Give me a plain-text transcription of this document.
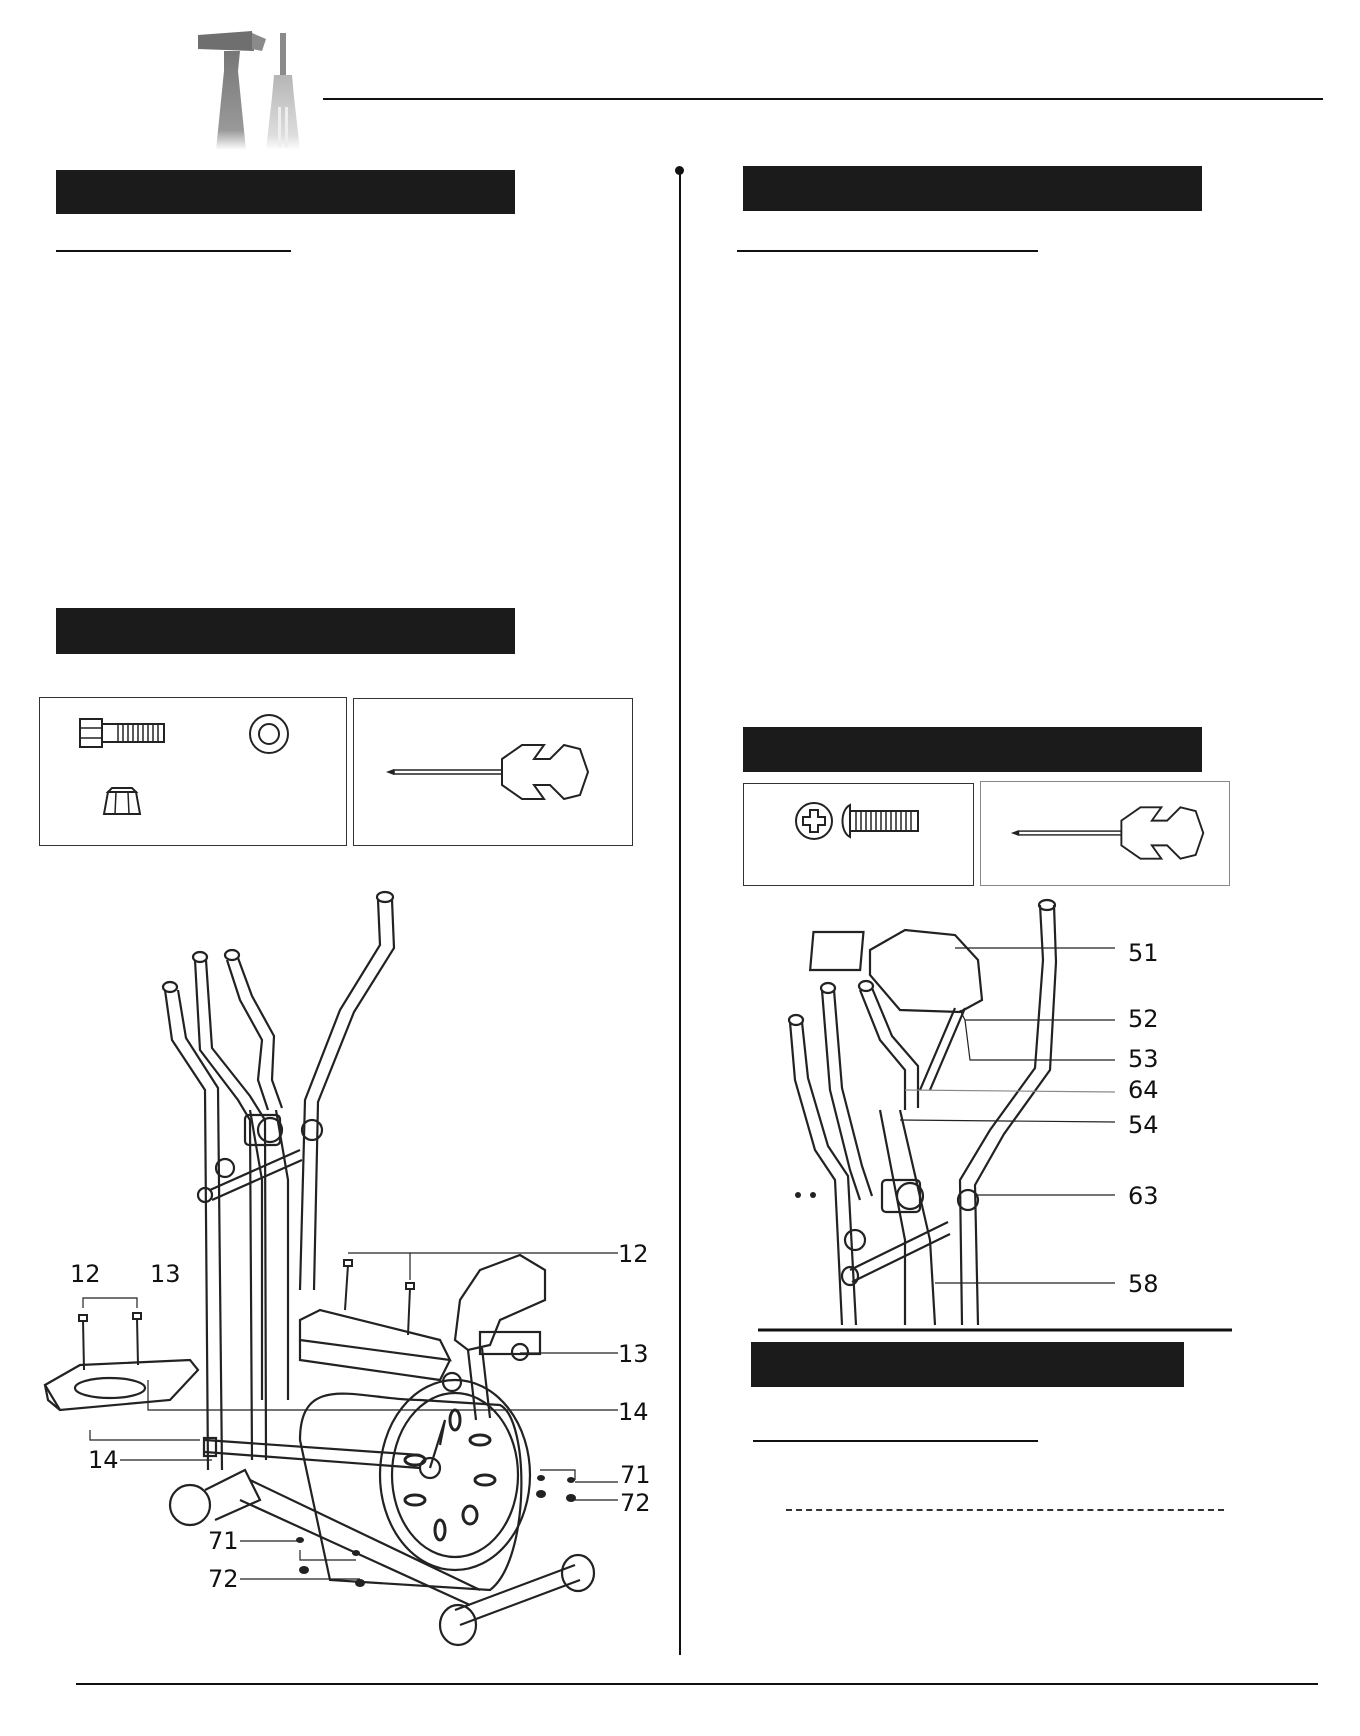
12 13
14
71
72
12
13
14
71
72
51
52
53
64
54
63
58
